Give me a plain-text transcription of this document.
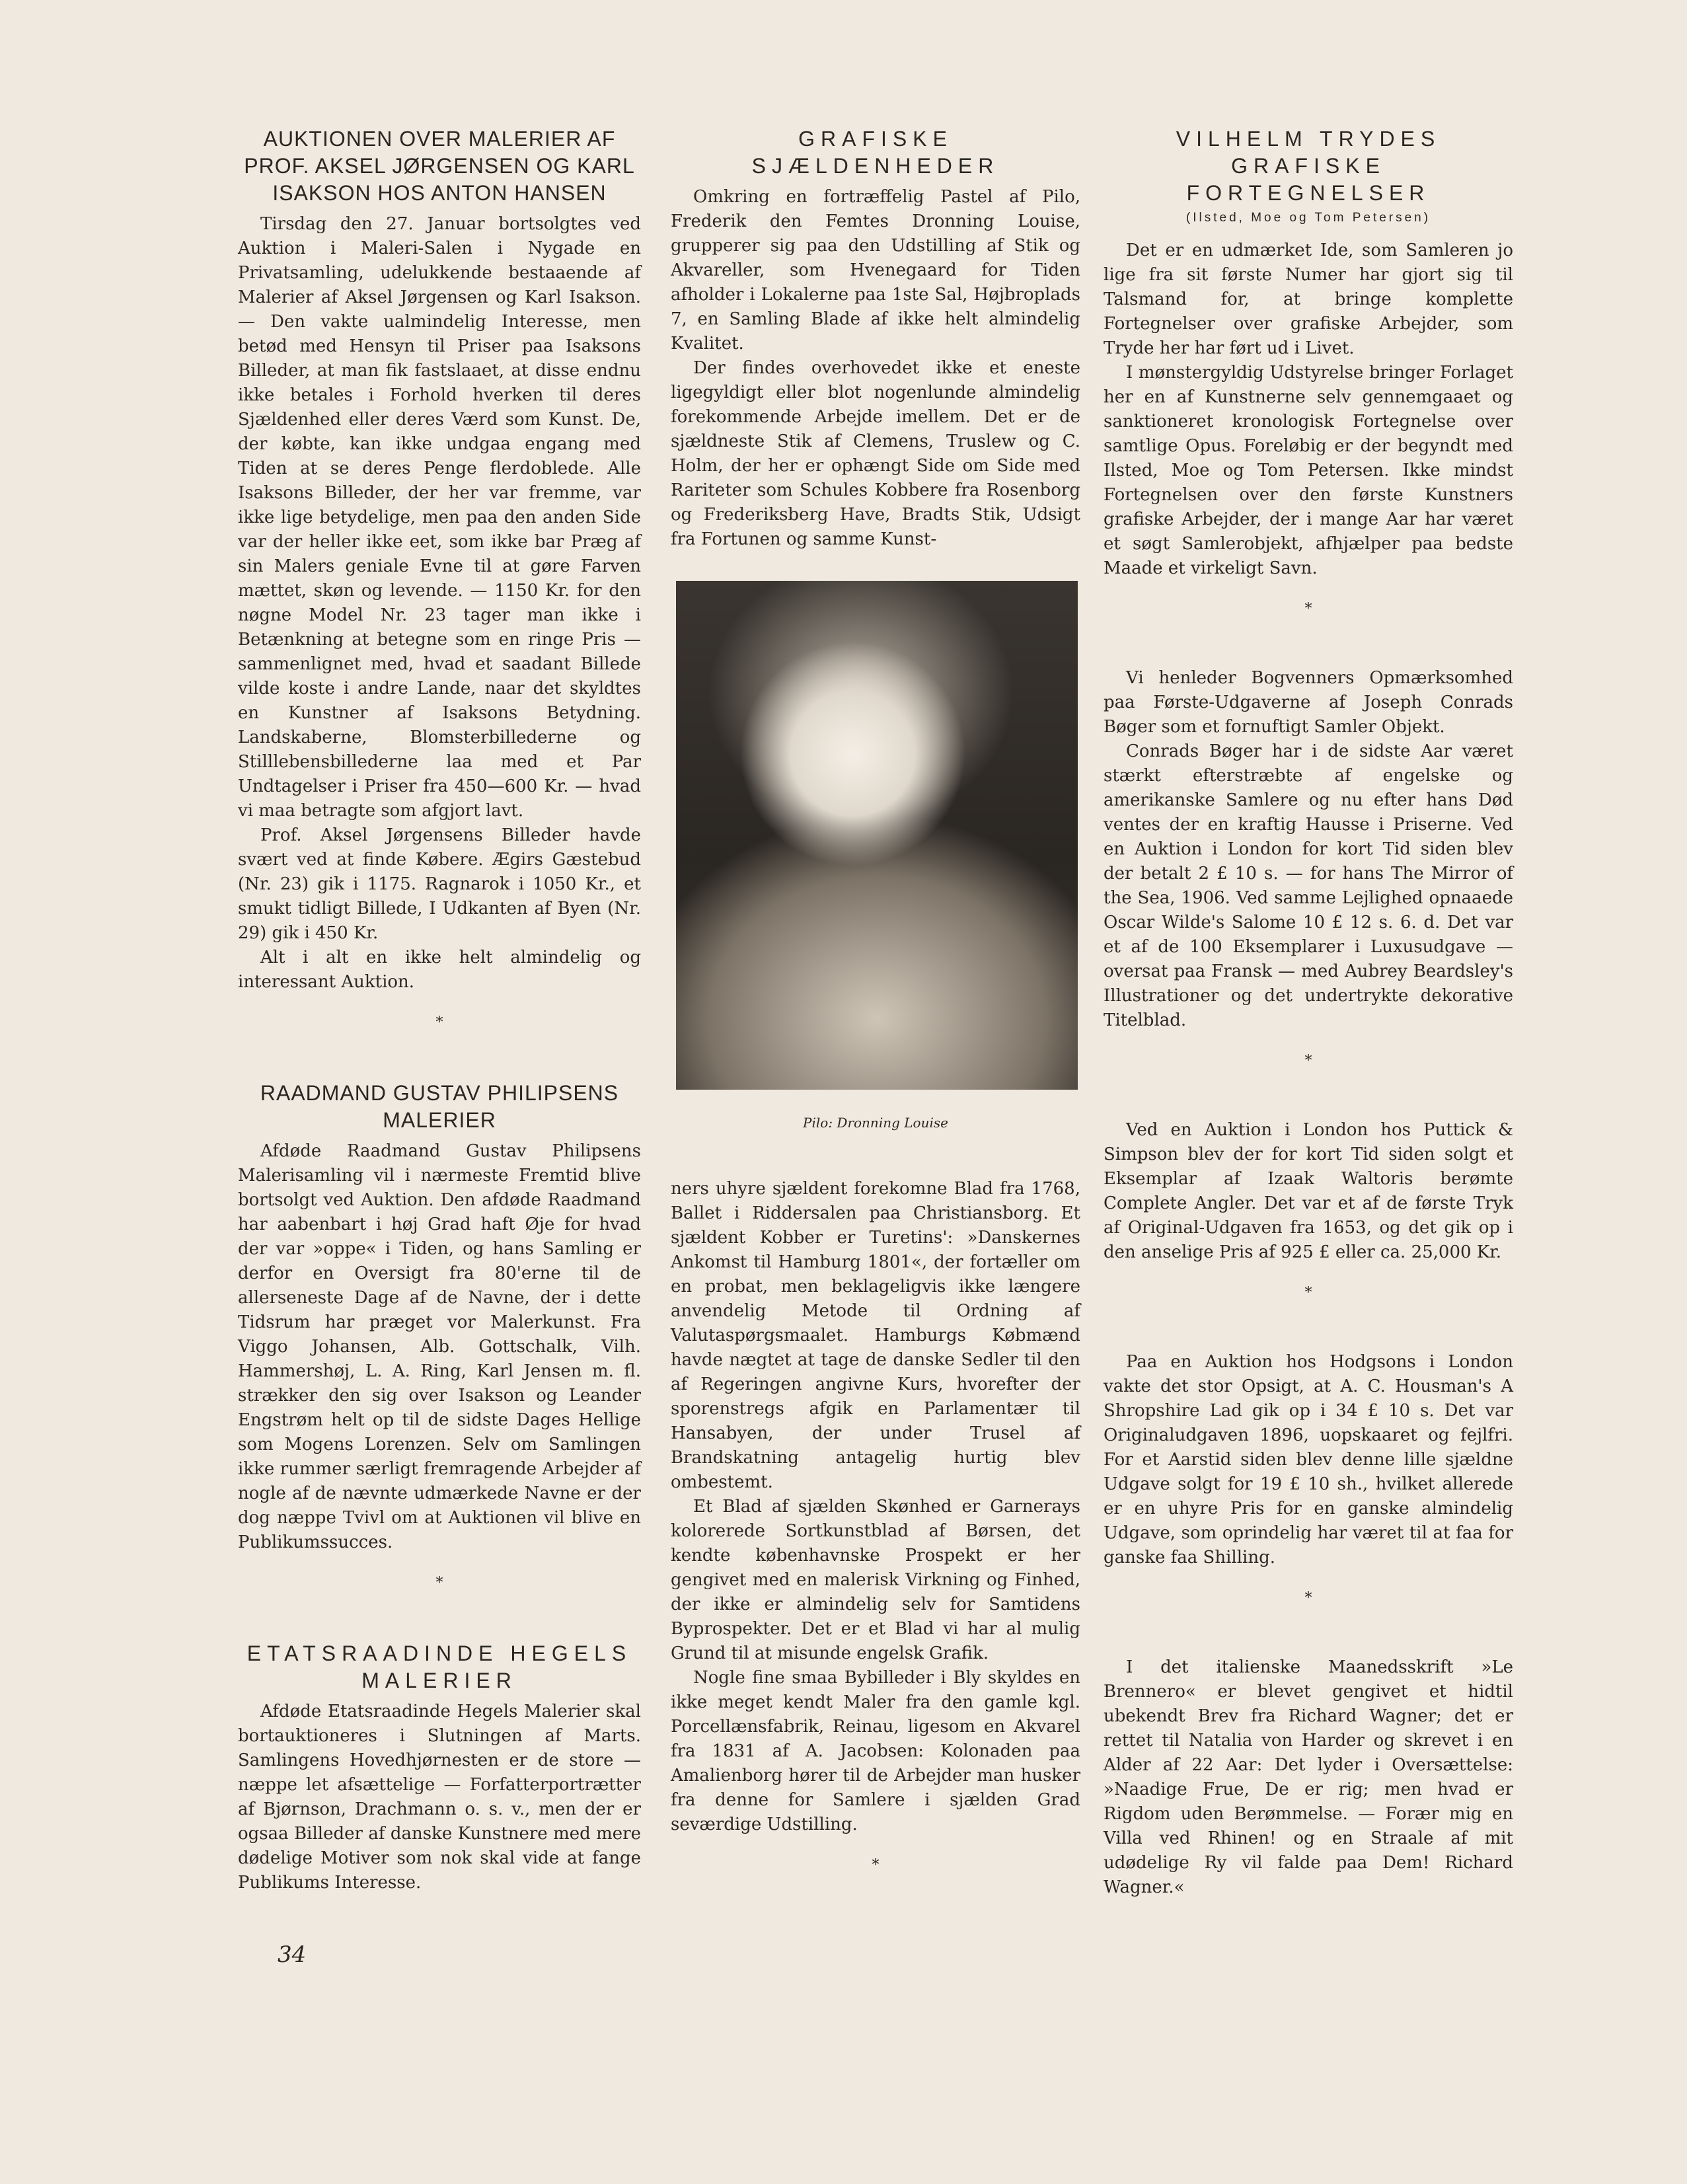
AUKTIONEN OVER MALERIER AF PROF. AKSEL JØRGENSEN OG KARL ISAKSON HOS ANTON HANSEN

Tirsdag den 27. Januar bortsolgtes ved Auktion i Maleri-Salen i Nygade en Privatsamling, udelukkende bestaaende af Malerier af Aksel Jørgensen og Karl Isakson. — Den vakte ualmindelig Interesse, men betød med Hensyn til Priser paa Isaksons Billeder, at man fik fastslaaet, at disse endnu ikke betales i Forhold hverken til deres Sjældenhed eller deres Værd som Kunst. De, der købte, kan ikke undgaa engang med Tiden at se deres Penge flerdoblede. Alle Isaksons Billeder, der her var fremme, var ikke lige betydelige, men paa den anden Side var der heller ikke eet, som ikke bar Præg af sin Malers geniale Evne til at gøre Farven mættet, skøn og levende. — 1150 Kr. for den nøgne Model Nr. 23 tager man ikke i Betænkning at betegne som en ringe Pris — sammenlignet med, hvad et saadant Billede vilde koste i andre Lande, naar det skyldtes en Kunstner af Isaksons Betydning. Landskaberne, Blomsterbillederne og Stilllebensbillederne laa med et Par Undtagelser i Priser fra 450—600 Kr. — hvad vi maa betragte som afgjort lavt.

Prof. Aksel Jørgensens Billeder havde svært ved at finde Købere. Ægirs Gæstebud (Nr. 23) gik i 1175. Ragnarok i 1050 Kr., et smukt tidligt Billede, I Udkanten af Byen (Nr. 29) gik i 450 Kr.

Alt i alt en ikke helt almindelig og interessant Auktion.

*
RAADMAND GUSTAV PHILIPSENS MALERIER

Afdøde Raadmand Gustav Philipsens Malerisamling vil i nærmeste Fremtid blive bortsolgt ved Auktion. Den afdøde Raadmand har aabenbart i høj Grad haft Øje for hvad der var »oppe« i Tiden, og hans Samling er derfor en Oversigt fra 80'erne til de allerseneste Dage af de Navne, der i dette Tidsrum har præget vor Malerkunst. Fra Viggo Johansen, Alb. Gottschalk, Vilh. Hammershøj, L. A. Ring, Karl Jensen m. fl. strækker den sig over Isakson og Leander Engstrøm helt op til de sidste Dages Hellige som Mogens Lorenzen. Selv om Samlingen ikke rummer særligt fremragende Arbejder af nogle af de nævnte udmærkede Navne er der dog næppe Tvivl om at Auktionen vil blive en Publikumssucces.

*
ETATSRAADINDE HEGELS MALERIER

Afdøde Etatsraadinde Hegels Malerier skal bortauktioneres i Slutningen af Marts. Samlingens Hovedhjørnesten er de store — næppe let afsættelige — Forfatterportrætter af Bjørnson, Drachmann o. s. v., men der er ogsaa Billeder af danske Kunstnere med mere dødelige Motiver som nok skal vide at fange Publikums Interesse.

GRAFISKE SJÆLDENHEDER

Omkring en fortræffelig Pastel af Pilo, Frederik den Femtes Dronning Louise, grupperer sig paa den Udstilling af Stik og Akvareller, som Hvenegaard for Tiden afholder i Lokalerne paa 1ste Sal, Højbroplads 7, en Samling Blade af ikke helt almindelig Kvalitet.

Der findes overhovedet ikke et eneste ligegyldigt eller blot nogenlunde almindelig forekommende Arbejde imellem. Det er de sjældneste Stik af Clemens, Truslew og C. Holm, der her er ophængt Side om Side med Rariteter som Schules Kobbere fra Rosenborg og Frederiksberg Have, Bradts Stik, Udsigt fra Fortunen og samme Kunst-

Pilo: Dronning Louise

ners uhyre sjældent forekomne Blad fra 1768, Ballet i Riddersalen paa Christiansborg. Et sjældent Kobber er Turetins': »Danskernes Ankomst til Hamburg 1801«, der fortæller om en probat, men beklageligvis ikke længere anvendelig Metode til Ordning af Valutaspørgsmaalet. Hamburgs Købmænd havde nægtet at tage de danske Sedler til den af Regeringen angivne Kurs, hvorefter der sporenstregs afgik en Parlamentær til Hansabyen, der under Trusel af Brandskatning antagelig hurtig blev ombestemt.

Et Blad af sjælden Skønhed er Garnerays kolorerede Sortkunstblad af Børsen, det kendte københavnske Prospekt er her gengivet med en malerisk Virkning og Finhed, der ikke er almindelig selv for Samtidens Byprospekter. Det er et Blad vi har al mulig Grund til at misunde engelsk Grafik.

Nogle fine smaa Bybilleder i Bly skyldes en ikke meget kendt Maler fra den gamle kgl. Porcellænsfabrik, Reinau, ligesom en Akvarel fra 1831 af A. Jacobsen: Kolonaden paa Amalienborg hører til de Arbejder man husker fra denne for Samlere i sjælden Grad seværdige Udstilling.

*
VILHELM TRYDES GRAFISKE FORTEGNELSER
(Ilsted, Moe og Tom Petersen)

Det er en udmærket Ide, som Samleren jo lige fra sit første Numer har gjort sig til Talsmand for, at bringe komplette Fortegnelser over grafiske Arbejder, som Tryde her har ført ud i Livet.

I mønstergyldig Udstyrelse bringer Forlaget her en af Kunstnerne selv gennemgaaet og sanktioneret kronologisk Fortegnelse over samtlige Opus. Foreløbig er der begyndt med Ilsted, Moe og Tom Petersen. Ikke mindst Fortegnelsen over den første Kunstners grafiske Arbejder, der i mange Aar har været et søgt Samlerobjekt, afhjælper paa bedste Maade et virkeligt Savn.

*

Vi henleder Bogvenners Opmærksomhed paa Første-Udgaverne af Joseph Conrads Bøger som et fornuftigt Samler Objekt.

Conrads Bøger har i de sidste Aar været stærkt efterstræbte af engelske og amerikanske Samlere og nu efter hans Død ventes der en kraftig Hausse i Priserne. Ved en Auktion i London for kort Tid siden blev der betalt 2 £ 10 s. — for hans The Mirror of the Sea, 1906. Ved samme Lejlighed opnaaede Oscar Wilde's Salome 10 £ 12 s. 6. d. Det var et af de 100 Eksemplarer i Luxusudgave — oversat paa Fransk — med Aubrey Beardsley's Illustrationer og det undertrykte dekorative Titelblad.

*

Ved en Auktion i London hos Puttick & Simpson blev der for kort Tid siden solgt et Eksemplar af Izaak Waltoris berømte Complete Angler. Det var et af de første Tryk af Original-Udgaven fra 1653, og det gik op i den anselige Pris af 925 £ eller ca. 25,000 Kr.

*

Paa en Auktion hos Hodgsons i London vakte det stor Opsigt, at A. C. Housman's A Shropshire Lad gik op i 34 £ 10 s. Det var Originaludgaven 1896, uopskaaret og fejlfri. For et Aarstid siden blev denne lille sjældne Udgave solgt for 19 £ 10 sh., hvilket allerede er en uhyre Pris for en ganske almindelig Udgave, som oprindelig har været til at faa for ganske faa Shilling.

*

I det italienske Maanedsskrift »Le Brennero« er blevet gengivet et hidtil ubekendt Brev fra Richard Wagner; det er rettet til Natalia von Harder og skrevet i en Alder af 22 Aar: Det lyder i Oversættelse: »Naadige Frue, De er rig; men hvad er Rigdom uden Berømmelse. — Forær mig en Villa ved Rhinen! og en Straale af mit udødelige Ry vil falde paa Dem! Richard Wagner.«

34
